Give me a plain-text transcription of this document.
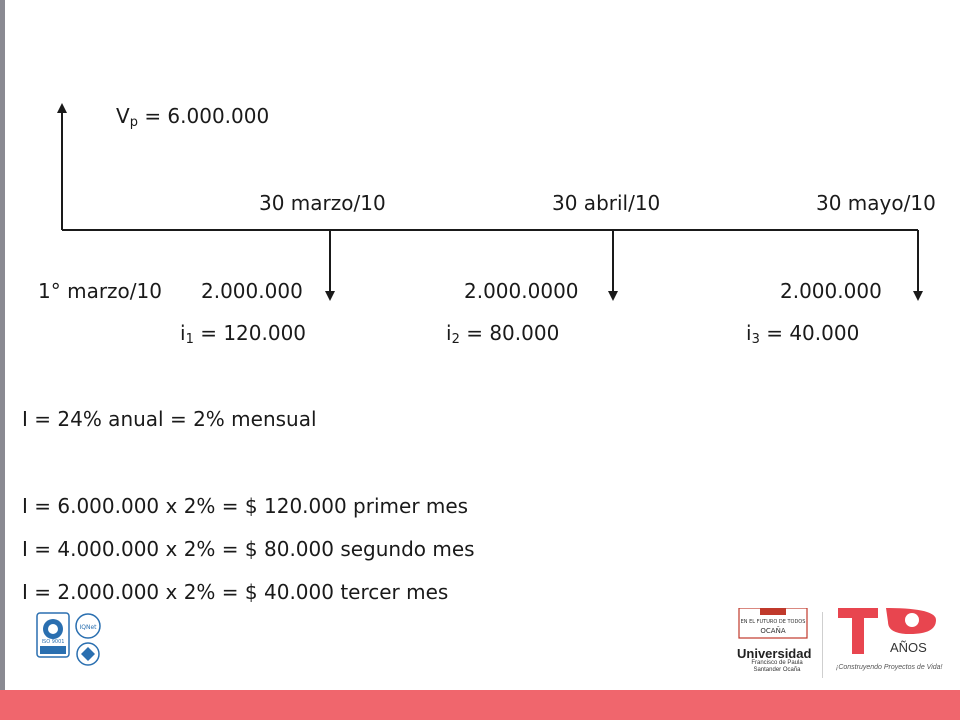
$V_p = 6.000.000$
1° marzo/10
30 marzo/10	30 abril/10	30 mayo/10
2.000.000	2.000.0000	2.000.000
$i_1 = 120.000$	$i_2 = 80.000$	$i_3 = 40.000$
I = 24% anual = 2% mensual
I = 6.000.000 x 2% = $ 120.000 primer mes
I = 4.000.000 x 2% = $ 80.000 segundo mes
I = 2.000.000 x 2% = $ 40.000 tercer mes
ISO 9001
IQNet
EN EL FUTURO DE TODOS
OCAÑA
Universidad
Francisco de Paula Santander Ocaña
AÑOS
¡Construyendo Proyectos de Vida!
